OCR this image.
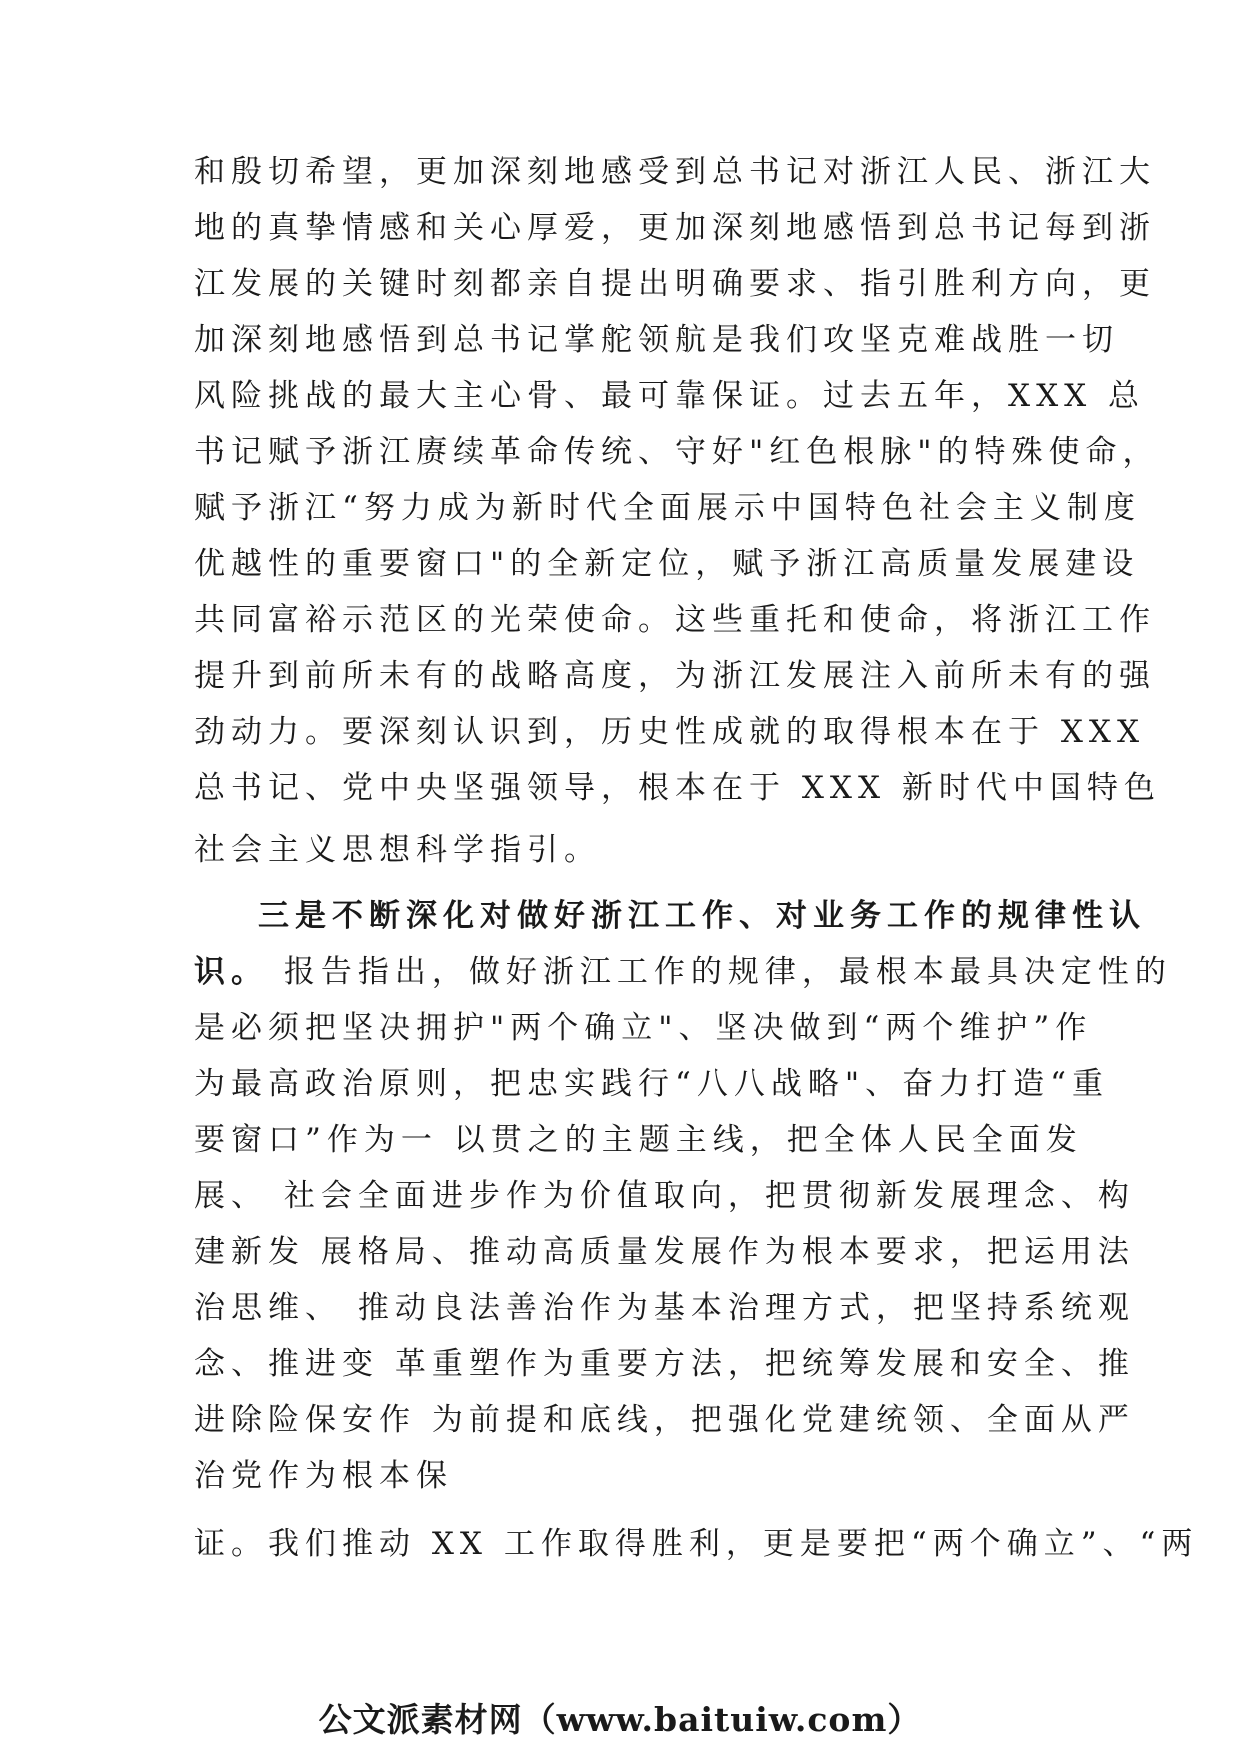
和殷切希望，更加深刻地感受到总书记对浙江人民、浙江大
地的真挚情感和关心厚爱，更加深刻地感悟到总书记每到浙
江发展的关键时刻都亲自提出明确要求、指引胜利方向，更
加深刻地感悟到总书记掌舵领航是我们攻坚克难战胜一切
风险挑战的最大主心骨、最可靠保证。过去五年，XXX 总
书记赋予浙江赓续革命传统、守好"红色根脉"的特殊使命，
赋予浙江“努力成为新时代全面展示中国特色社会主义制度
优越性的重要窗口"的全新定位，赋予浙江高质量发展建设
共同富裕示范区的光荣使命。这些重托和使命，将浙江工作
提升到前所未有的战略高度，为浙江发展注入前所未有的强
劲动力。要深刻认识到，历史性成就的取得根本在于 XXX
总书记、党中央坚强领导，根本在于 XXX 新时代中国特色
社会主义思想科学指引。
三是不断深化对做好浙江工作、对业务工作的规律性认
识。 报告指出，做好浙江工作的规律，最根本最具决定性的
是必须把坚决拥护"两个确立"、坚决做到“两个维护”作
为最高政治原则，把忠实践行“八八战略"、奋力打造“重
要窗口”作为一 以贯之的主题主线，把全体人民全面发
展、 社会全面进步作为价值取向，把贯彻新发展理念、构
建新发 展格局、推动高质量发展作为根本要求，把运用法
治思维、 推动良法善治作为基本治理方式，把坚持系统观
念、推进变 革重塑作为重要方法，把统筹发展和安全、推
进除险保安作 为前提和底线，把强化党建统领、全面从严
治党作为根本保
证。我们推动 XX 工作取得胜利，更是要把“两个确立”、“两
公文派素材网（www.baituiw.com）
